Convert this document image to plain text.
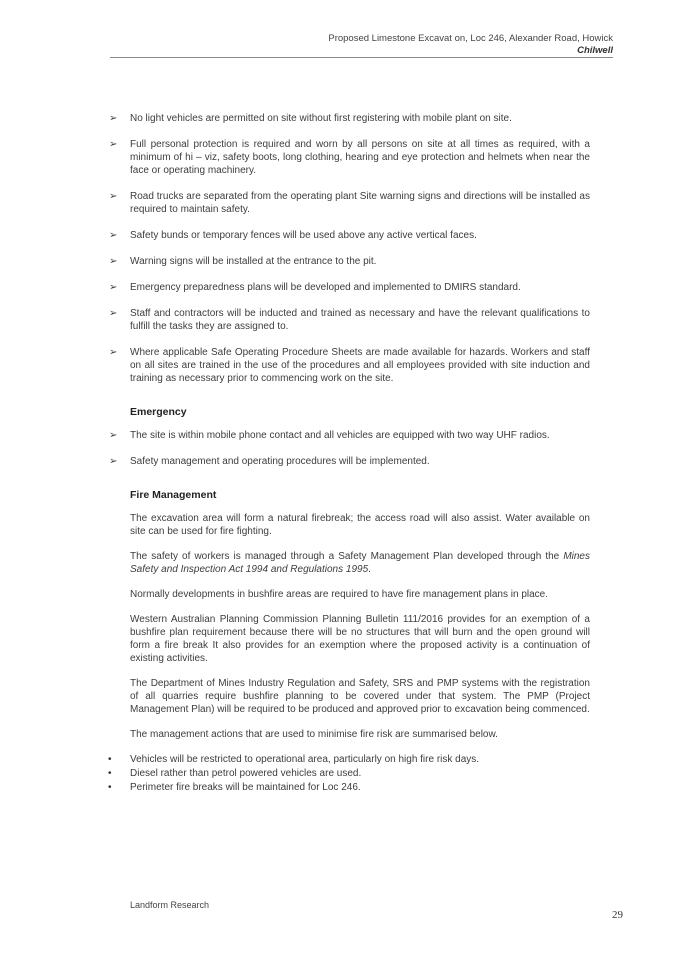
Proposed Limestone Excavat on, Loc 246, Alexander Road, Howick
Chilwell
➢ No light vehicles are permitted on site without first registering with mobile plant on site.
➢ Full personal protection is required and worn by all persons on site at all times as required, with a minimum of hi – viz, safety boots, long clothing, hearing and eye protection and helmets when near the face or operating machinery.
➢ Road trucks are separated from the operating plant Site warning signs and directions will be installed as required to maintain safety.
➢ Safety bunds or temporary fences will be used above any active vertical faces.
➢ Warning signs will be installed at the entrance to the pit.
➢ Emergency preparedness plans will be developed and implemented to DMIRS standard.
➢ Staff and contractors will be inducted and trained as necessary and have the relevant qualifications to fulfill the tasks they are assigned to.
➢ Where applicable Safe Operating Procedure Sheets are made available for hazards. Workers and staff on all sites are trained in the use of the procedures and all employees provided with site induction and training as necessary prior to commencing work on the site.
Emergency
➢ The site is within mobile phone contact and all vehicles are equipped with two way UHF radios.
➢ Safety management and operating procedures will be implemented.
Fire Management
The excavation area will form a natural firebreak; the access road will also assist. Water available on site can be used for fire fighting.
The safety of workers is managed through a Safety Management Plan developed through the Mines Safety and Inspection Act 1994 and Regulations 1995.
Normally developments in bushfire areas are required to have fire management plans in place.
Western Australian Planning Commission Planning Bulletin 111/2016 provides for an exemption of a bushfire plan requirement because there will be no structures that will burn and the open ground will form a fire break It also provides for an exemption where the proposed activity is a continuation of existing activities.
The Department of Mines Industry Regulation and Safety, SRS and PMP systems with the registration of all quarries require bushfire planning to be covered under that system. The PMP (Project Management Plan) will be required to be produced and approved prior to excavation being commenced.
The management actions that are used to minimise fire risk are summarised below.
• Vehicles will be restricted to operational area, particularly on high fire risk days.
• Diesel rather than petrol powered vehicles are used.
• Perimeter fire breaks will be maintained for Loc 246.
Landform Research
29
